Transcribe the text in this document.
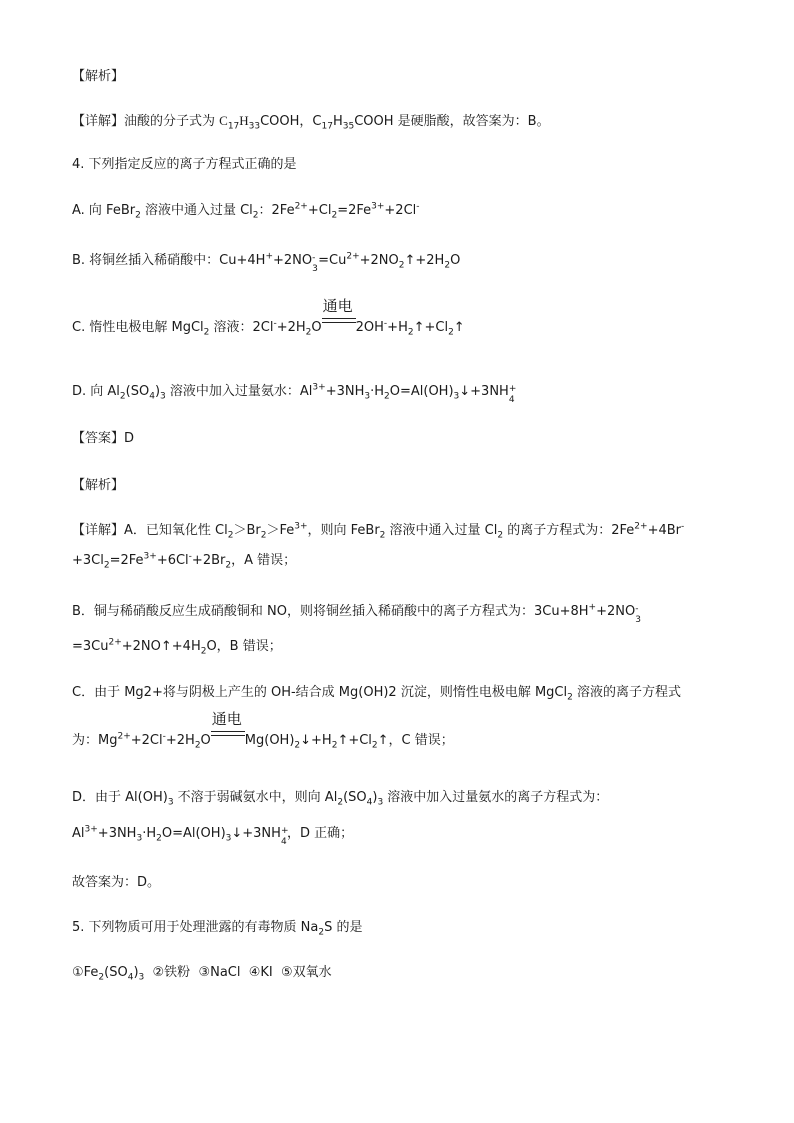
【解析】
【详解】油酸的分子式为 $C_{17}H_{33}COOH$，$C_{17}H_{35}COOH$ 是硬脂酸，故答案为：B。
4. 下列指定反应的离子方程式正确的是
A. 向 FeBr$_2$ 溶液中通入过量 $Cl_2$：$2Fe^{2+}+Cl_2=2Fe^{3+}+2Cl^-$
B. 将铜丝插入稀硝酸中：Cu+4H++2NO -
3
$=Cu^{2+}+2NO_2↑+2H_2O$
C. 惰性电极电解 MgCl$_2$ 溶液：$2Cl^-+2H_2O$
通电
$2OH^-+H_2↑+Cl_2↑$
D. 向 $Al_2(SO_4)_3$ 溶液中加入过量氨水：$Al^{3+}+3NH_3\cdot H_2O=Al(OH)_3↓+3NH$ +
4
【答案】D
【解析】
【详解】A．已知氧化性 $Cl_2>Br_2>Fe^{3+}$，则向 FeBr$_2$ 溶液中通入过量 $Cl_2$ 的离子方程式为：$2Fe^{2+}+4Br^-$
$+3Cl_2=2Fe^{3+}+6Cl^-+2Br_2$，A 错误；
B．铜与稀硝酸反应生成硝酸铜和 NO，则将铜丝插入稀硝酸中的离子方程式为：3Cu+8H++2NO -
3
$=3Cu^{2+}+2NO↑+4H_2O$，B 错误；
C．由于 Mg2+将与阴极上产生的 OH-结合成 Mg(OH)2 沉淀，则惰性电极电解 MgCl$_2$ 溶液的离子方程式
为：$Mg^{2+}+2Cl^-+2H_2O$
通电
$Mg(OH)_2↓+H_2↑+Cl_2↑$，C 错误；
D．由于 $Al(OH)_3$ 不溶于弱碱氨水中，则向 $Al_2(SO_4)_3$ 溶液中加入过量氨水的离子方程式为：
$Al^{3+}+3NH_3\cdot H_2O=Al(OH)_3↓+3NH$ +
4
，D 正确；
故答案为：D。
5. 下列物质可用于处理泄露的有毒物质 $Na_2S$ 的是
$①Fe_2(SO_4)_3$  ②铁粉  ③NaCl  ④KI  ⑤双氧水
